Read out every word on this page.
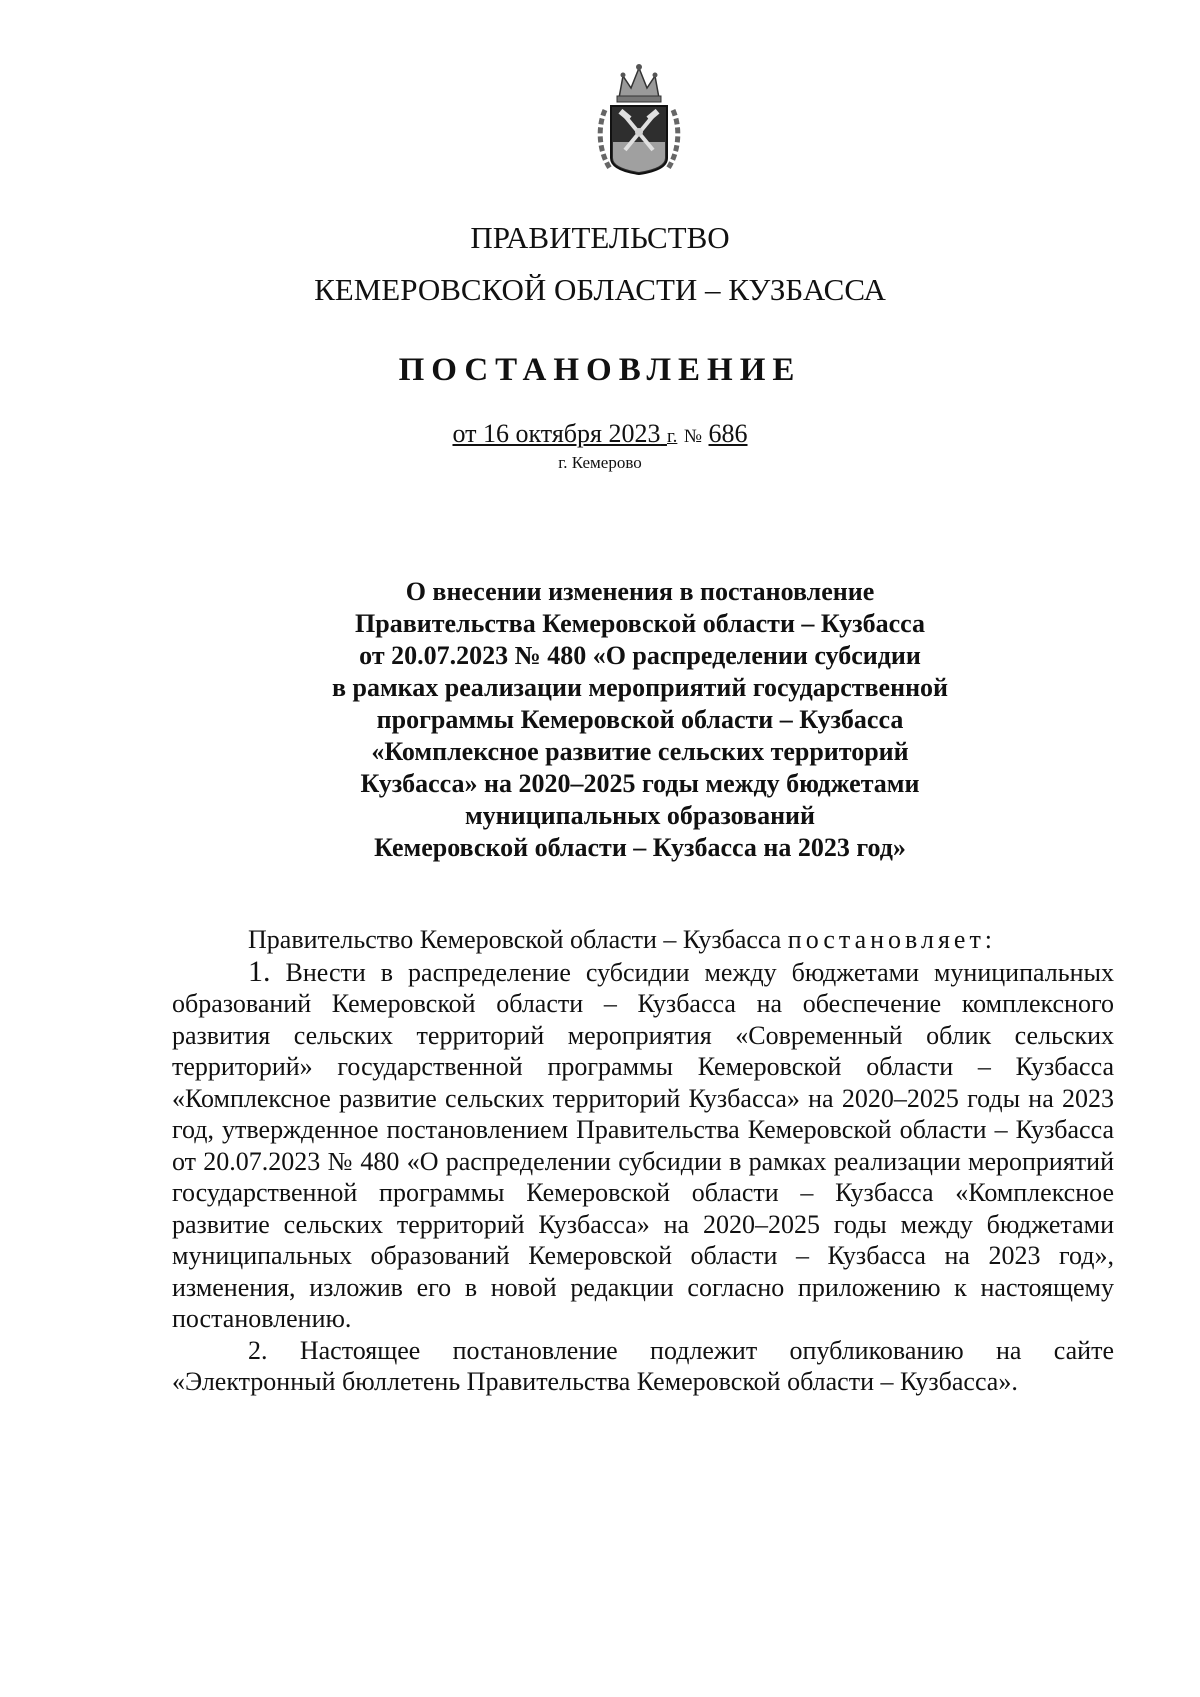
ПРАВИТЕЛЬСТВО
КЕМЕРОВСКОЙ ОБЛАСТИ – КУЗБАССА
ПОСТАНОВЛЕНИЕ
от 16 октября 2023 г. № 686
г. Кемерово
О внесении изменения в постановление
Правительства Кемеровской области – Кузбасса
от 20.07.2023 № 480 «О распределении субсидии
в рамках реализации мероприятий государственной
программы Кемеровской области – Кузбасса
«Комплексное развитие сельских территорий
Кузбасса» на 2020–2025 годы между бюджетами
муниципальных образований
Кемеровской области – Кузбасса на 2023 год»

Правительство Кемеровской области – Кузбасса постановляет:

1. Внести в распределение субсидии между бюджетами муниципальных образований Кемеровской области – Кузбасса на обеспечение комплексного развития сельских территорий мероприятия «Современный облик сельских территорий» государственной программы Кемеровской области – Кузбасса «Комплексное развитие сельских территорий Кузбасса» на 2020–2025 годы на 2023 год, утвержденное постановлением Правительства Кемеровской области – Кузбасса от 20.07.2023 № 480 «О распределении субсидии в рамках реализации мероприятий государственной программы Кемеровской области – Кузбасса «Комплексное развитие сельских территорий Кузбасса» на 2020–2025 годы между бюджетами муниципальных образований Кемеровской области – Кузбасса на 2023 год», изменения, изложив его в новой редакции согласно приложению к настоящему постановлению.

2. Настоящее постановление подлежит опубликованию на сайте «Электронный бюллетень Правительства Кемеровской области – Кузбасса».
